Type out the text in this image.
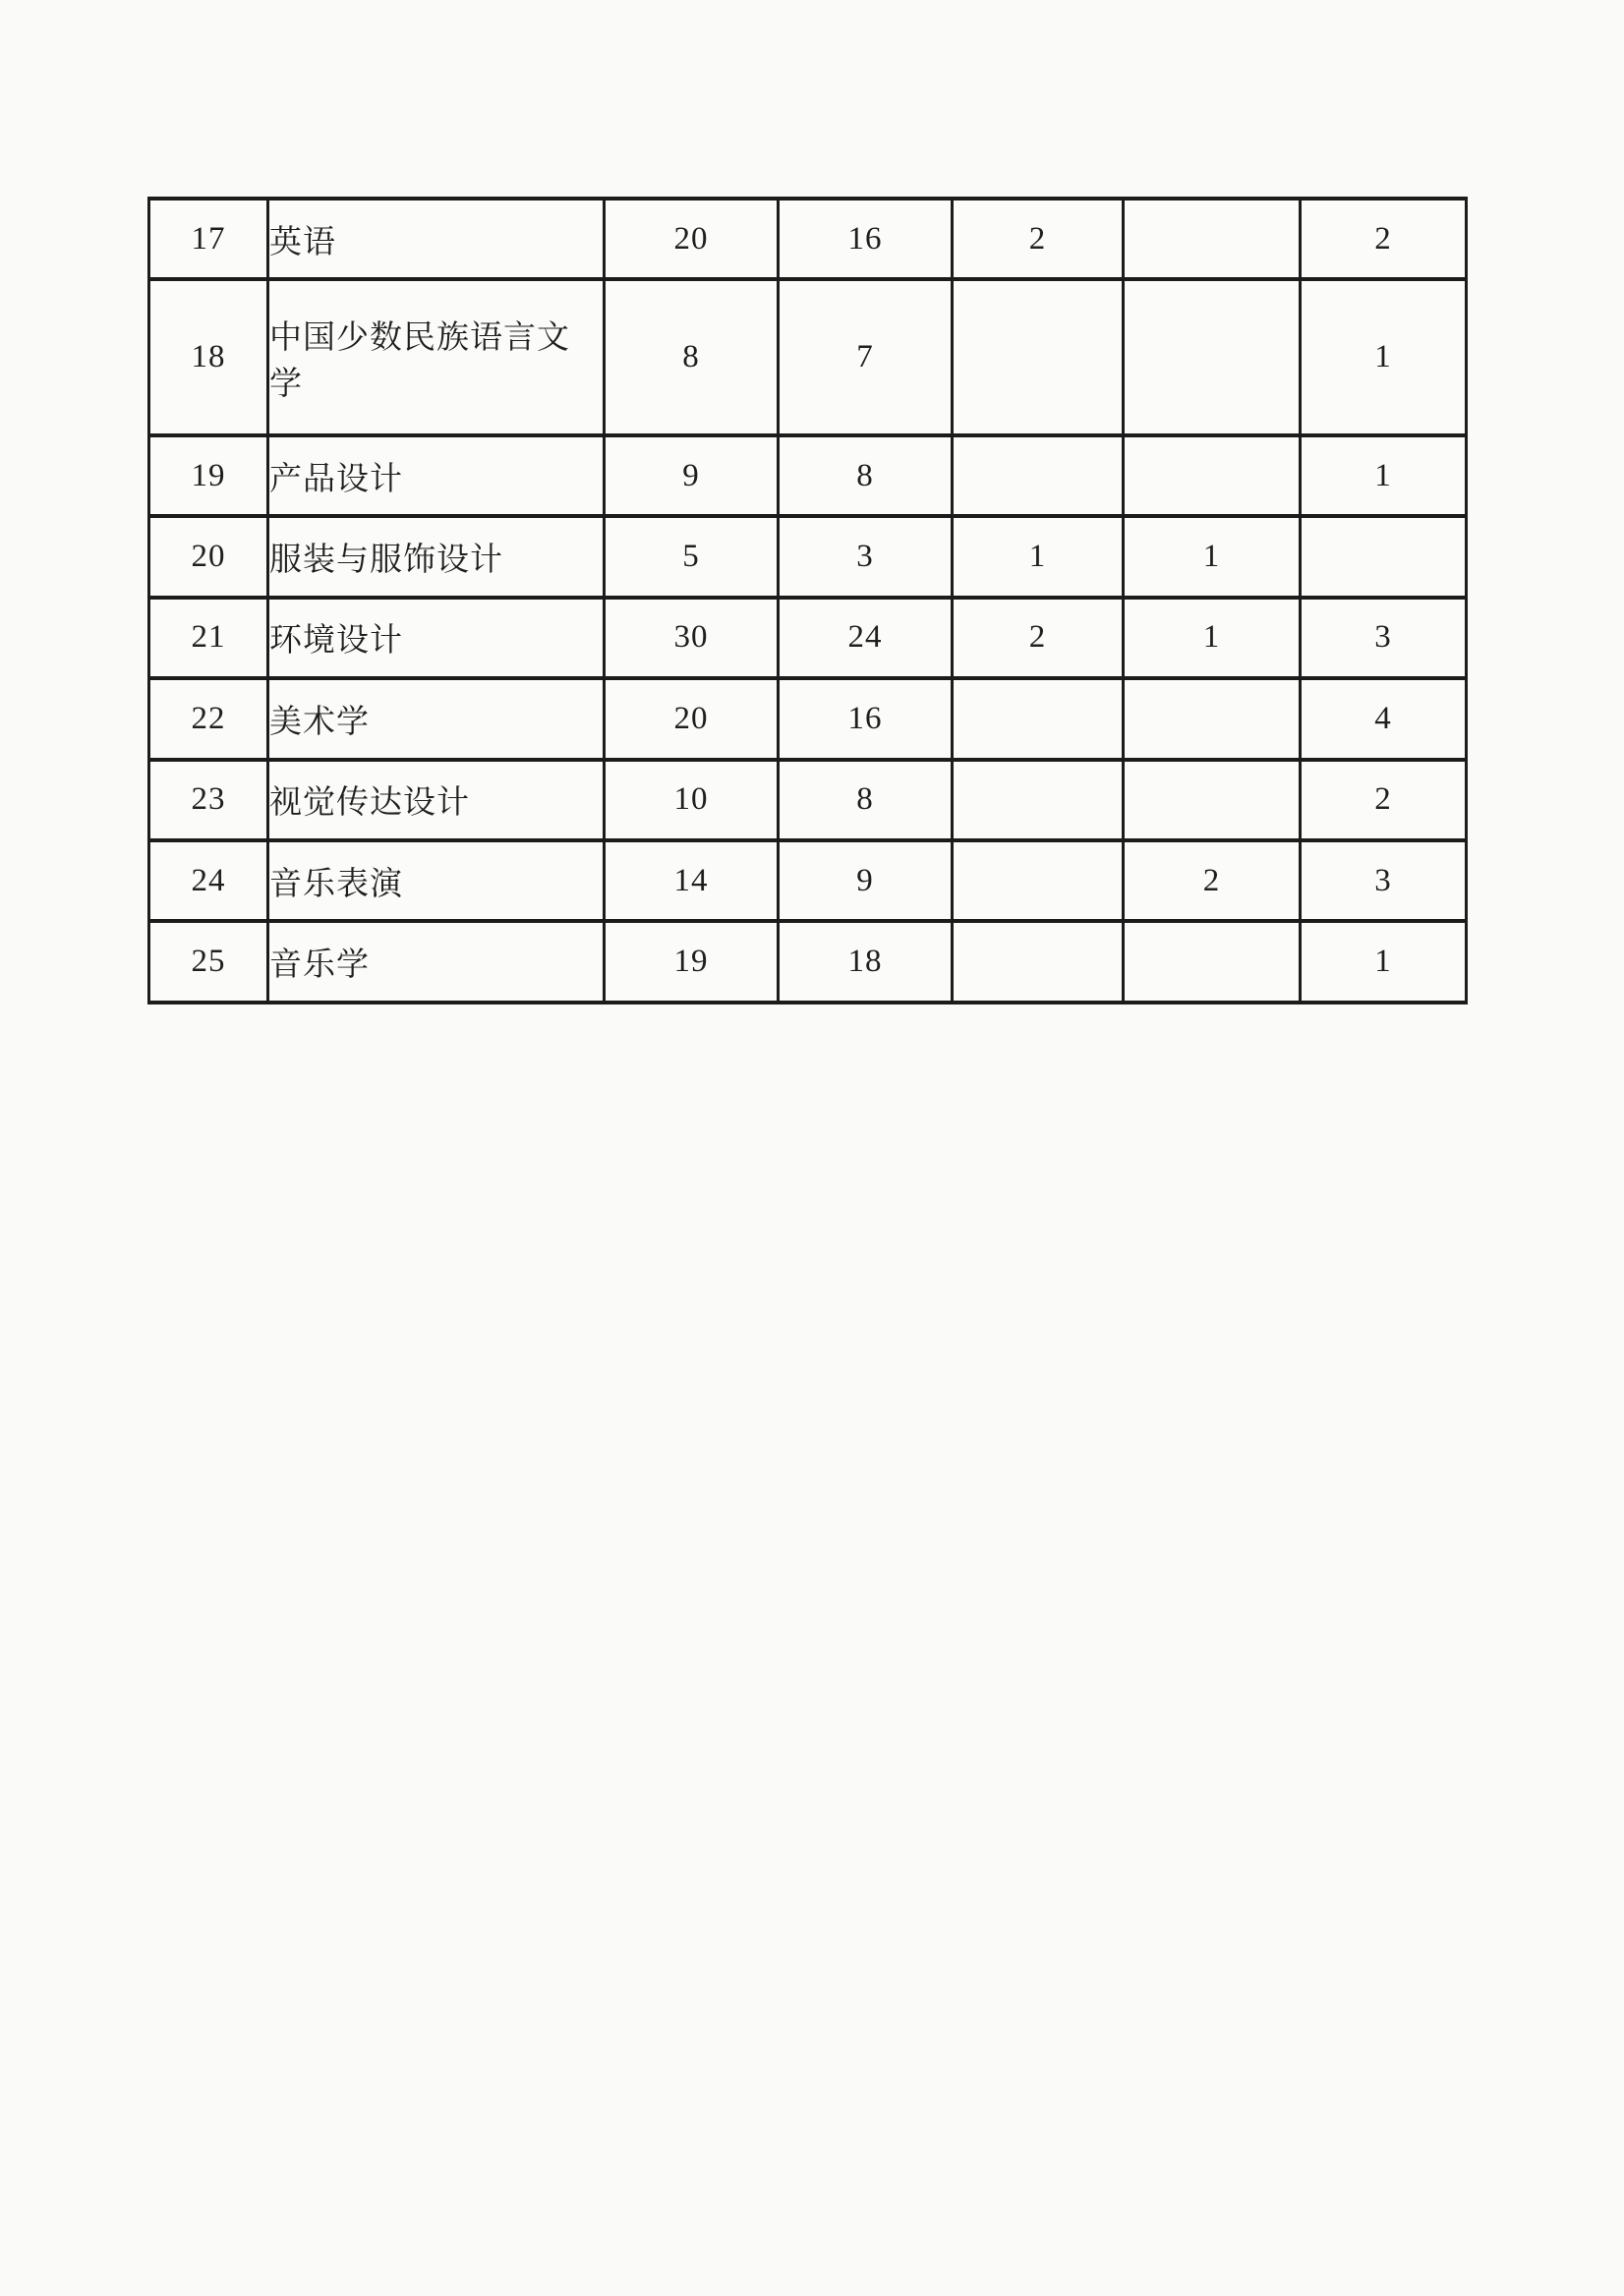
17	英语	20	16	2		2
18	中国少数民族语言文学	8	7			1
19	产品设计	9	8			1
20	服装与服饰设计	5	3	1	1	
21	环境设计	30	24	2	1	3
22	美术学	20	16			4
23	视觉传达设计	10	8			2
24	音乐表演	14	9		2	3
25	音乐学	19	18			1
